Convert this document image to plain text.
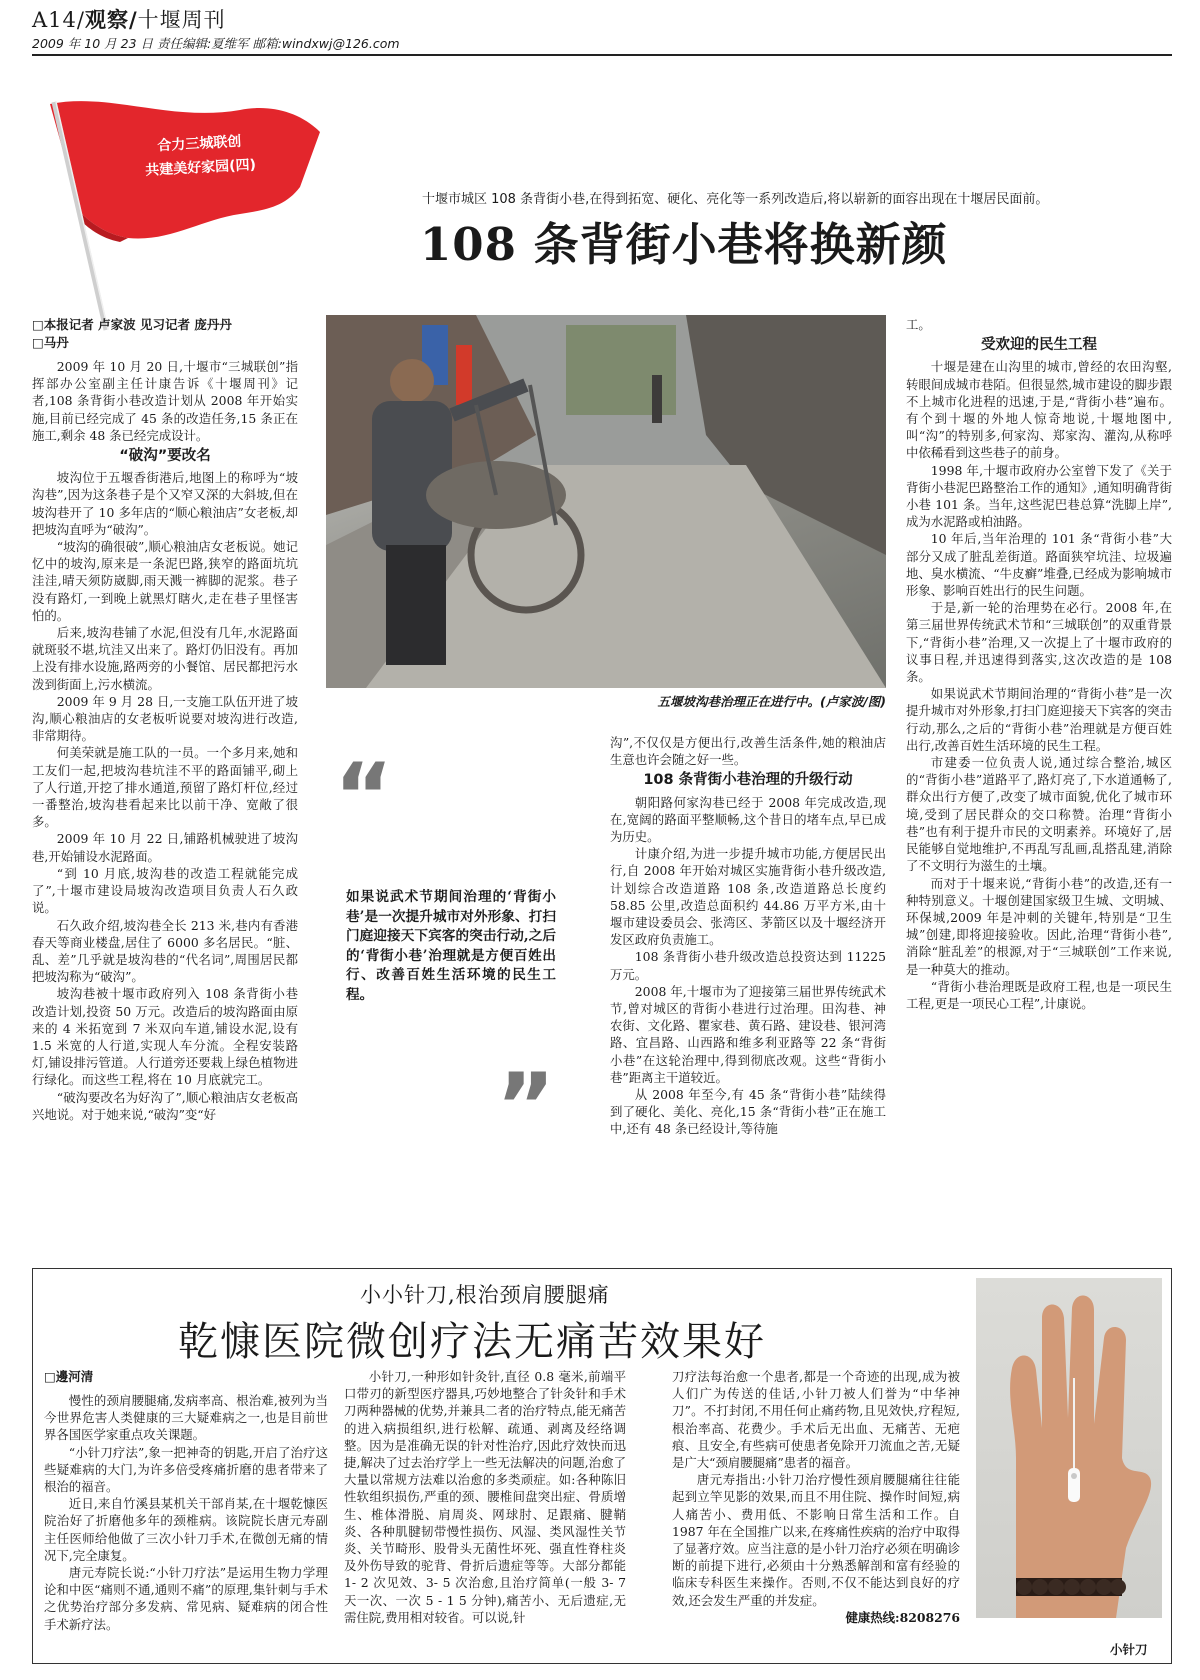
A14/观察/十堰周刊
2009 年 10 月 23 日 责任编辑:夏维军 邮箱:windxwj@126.com
合力三城联创
共建美好家园(四)
十堰市城区 108 条背街小巷,在得到拓宽、硬化、亮化等一系列改造后,将以崭新的面容出现在十堰居民面前。
108 条背街小巷将换新颜
□本报记者 卢家波 见习记者 庞丹丹
□马丹

2009 年 10 月 20 日,十堰市“三城联创”指挥部办公室副主任计康告诉《十堰周刊》记者,108 条背街小巷改造计划从 2008 年开始实施,目前已经完成了 45 条的改造任务,15 条正在施工,剩余 48 条已经完成设计。

“破沟”要改名

坡沟位于五堰香街港后,地图上的称呼为“坡沟巷”,因为这条巷子是个又窄又深的大斜坡,但在坡沟巷开了 10 多年店的“顺心粮油店”女老板,却把坡沟直呼为“破沟”。

“坡沟的确很破”,顺心粮油店女老板说。她记忆中的坡沟,原来是一条泥巴路,狭窄的路面坑坑洼洼,晴天须防崴脚,雨天溅一裤脚的泥浆。巷子没有路灯,一到晚上就黑灯瞎火,走在巷子里怪害怕的。

后来,坡沟巷铺了水泥,但没有几年,水泥路面就斑驳不堪,坑洼又出来了。路灯仍旧没有。再加上没有排水设施,路两旁的小餐馆、居民都把污水泼到街面上,污水横流。

2009 年 9 月 28 日,一支施工队伍开进了坡沟,顺心粮油店的女老板听说要对坡沟进行改造,非常期待。

何美荣就是施工队的一员。一个多月来,她和工友们一起,把坡沟巷坑洼不平的路面铺平,砌上了人行道,开挖了排水通道,预留了路灯杆位,经过一番整治,坡沟巷看起来比以前干净、宽敞了很多。

2009 年 10 月 22 日,铺路机械驶进了坡沟巷,开始铺设水泥路面。

“到 10 月底,坡沟巷的改造工程就能完成了”,十堰市建设局坡沟改造项目负责人石久政说。

石久政介绍,坡沟巷全长 213 米,巷内有香港春天等商业楼盘,居住了 6000 多名居民。“脏、乱、差”几乎就是坡沟巷的“代名词”,周围居民都把坡沟称为“破沟”。

坡沟巷被十堰市政府列入 108 条背街小巷改造计划,投资 50 万元。改造后的坡沟路面由原来的 4 米拓宽到 7 米双向车道,铺设水泥,设有 1.5 米宽的人行道,实现人车分流。全程安装路灯,铺设排污管道。人行道旁还要栽上绿色植物进行绿化。而这些工程,将在 10 月底就完工。

“破沟要改名为好沟了”,顺心粮油店女老板高兴地说。对于她来说,“破沟”变“好

五堰坡沟巷治理正在进行中。(卢家波/图)
“
如果说武术节期间治理的‘背街小巷’是一次提升城市对外形象、打扫门庭迎接天下宾客的突击行动,之后的‘背街小巷’治理就是方便百姓出行、改善百姓生活环境的民生工程。
”

沟”,不仅仅是方便出行,改善生活条件,她的粮油店生意也许会随之好一些。

108 条背街小巷治理的升级行动

朝阳路何家沟巷已经于 2008 年完成改造,现在,宽阔的路面平整顺畅,这个昔日的堵车点,早已成为历史。

计康介绍,为进一步提升城市功能,方便居民出行,自 2008 年开始对城区实施背街小巷升级改造,计划综合改造道路 108 条,改造道路总长度约 58.85 公里,改造总面积约 44.86 万平方米,由十堰市建设委员会、张湾区、茅箭区以及十堰经济开发区政府负责施工。

108 条背街小巷升级改造总投资达到 11225 万元。

2008 年,十堰市为了迎接第三届世界传统武术节,曾对城区的背街小巷进行过治理。田沟巷、神农街、文化路、瞿家巷、黄石路、建设巷、银河湾路、宜昌路、山西路和维多利亚路等 22 条“背街小巷”在这轮治理中,得到彻底改观。这些“背街小巷”距离主干道较近。

从 2008 年至今,有 45 条“背街小巷”陆续得到了硬化、美化、亮化,15 条“背街小巷”正在施工中,还有 48 条已经设计,等待施

工。

受欢迎的民生工程

十堰是建在山沟里的城市,曾经的农田沟壑,转眼间成城市巷陌。但很显然,城市建设的脚步跟不上城市化进程的迅速,于是,“背街小巷”遍布。有个到十堰的外地人惊奇地说,十堰地图中,叫“沟”的特别多,何家沟、郑家沟、灌沟,从称呼中依稀看到这些巷子的前身。

1998 年,十堰市政府办公室曾下发了《关于背街小巷泥巴路整治工作的通知》,通知明确背街小巷 101 条。当年,这些泥巴巷总算“洗脚上岸”,成为水泥路或柏油路。

10 年后,当年治理的 101 条“背街小巷”大部分又成了脏乱差街道。路面狭窄坑洼、垃圾遍地、臭水横流、“牛皮癣”堆叠,已经成为影响城市形象、影响百姓出行的民生问题。

于是,新一轮的治理势在必行。2008 年,在第三届世界传统武术节和“三城联创”的双重背景下,“背街小巷”治理,又一次提上了十堰市政府的议事日程,并迅速得到落实,这次改造的是 108 条。

如果说武术节期间治理的“背街小巷”是一次提升城市对外形象,打扫门庭迎接天下宾客的突击行动,那么,之后的“背街小巷”治理就是方便百姓出行,改善百姓生活环境的民生工程。

市建委一位负责人说,通过综合整治,城区的“背街小巷”道路平了,路灯亮了,下水道通畅了,群众出行方便了,改变了城市面貌,优化了城市环境,受到了居民群众的交口称赞。治理“背街小巷”也有利于提升市民的文明素养。环境好了,居民能够自觉地维护,不再乱写乱画,乱搭乱建,消除了不文明行为滋生的土壤。

而对于十堰来说,“背街小巷”的改造,还有一种特别意义。十堰创建国家级卫生城、文明城、环保城,2009 年是冲刺的关键年,特别是“卫生城”创建,即将迎接验收。因此,治理“背街小巷”,消除“脏乱差”的根源,对于“三城联创”工作来说,是一种莫大的推动。

“背街小巷治理既是政府工程,也是一项民生工程,更是一项民心工程”,计康说。

小小针刀,根治颈肩腰腿痛
乾慷医院微创疗法无痛苦效果好
□邊河清

慢性的颈肩腰腿痛,发病率高、根治难,被列为当今世界危害人类健康的三大疑难病之一,也是目前世界各国医学家重点攻关课题。

“小针刀疗法”,象一把神奇的钥匙,开启了治疗这些疑难病的大门,为许多倍受疼痛折磨的患者带来了根治的福音。

近日,来自竹溪县某机关干部肖某,在十堰乾慷医院治好了折磨他多年的颈椎病。该院院长唐元寿副主任医师给他做了三次小针刀手术,在微创无痛的情况下,完全康复。

唐元寿院长说:“小针刀疗法”是运用生物力学理论和中医“痛则不通,通则不痛”的原理,集针刺与手术之优势治疗部分多发病、常见病、疑难病的闭合性手术新疗法。

小针刀,一种形如针灸针,直径 0.8 毫米,前端平口带刃的新型医疗器具,巧妙地整合了针灸针和手术刀两种器械的优势,并兼具二者的治疗特点,能无痛苦的进入病损组织,进行松解、疏通、剥离及经络调整。因为是准确无误的针对性治疗,因此疗效快而迅捷,解决了过去治疗学上一些无法解决的问题,治愈了大量以常规方法难以治愈的多类顽症。如:各种陈旧性软组织损伤,严重的颈、腰椎间盘突出症、骨质增生、椎体滑脱、肩周炎、网球肘、足跟痛、腱鞘炎、各种肌腱韧带慢性损伤、风湿、类风湿性关节炎、关节畸形、股骨头无菌性坏死、强直性脊柱炎及外伤导致的驼背、骨折后遗症等等。大部分都能 1- 2 次见效、3- 5 次治愈,且治疗简单(一般 3- 7 天一次、一次 5 - 1 5 分钟),痛苦小、无后遗症,无需住院,费用相对较省。可以说,针

刀疗法每治愈一个患者,都是一个奇迹的出现,成为被人们广为传送的佳话,小针刀被人们誉为“中华神刀”。不打封闭,不用任何止痛药物,且见效快,疗程短,根治率高、花费少。手术后无出血、无痛苦、无疤痕、且安全,有些病可使患者免除开刀流血之苦,无疑是广大“颈肩腰腿痛”患者的福音。

唐元寿指出:小针刀治疗慢性颈肩腰腿痛往往能起到立竿见影的效果,而且不用住院、操作时间短,病人痛苦小、费用低、不影响日常生活和工作。自 1987 年在全国推广以来,在疼痛性疾病的治疗中取得了显著疗效。应当注意的是小针刀治疗必须在明确诊断的前提下进行,必须由十分熟悉解剖和富有经验的临床专科医生来操作。否则,不仅不能达到良好的疗效,还会发生严重的并发症。

健康热线:8208276

小针刀
